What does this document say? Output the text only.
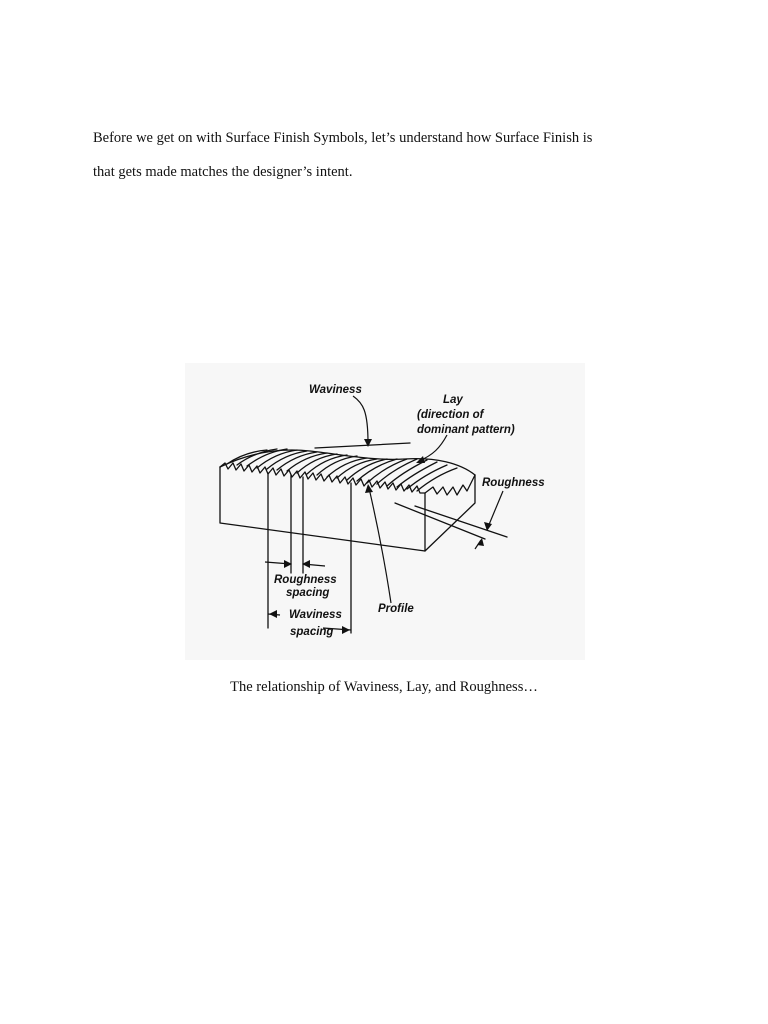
Before we get on with Surface Finish Symbols, let’s understand how Surface Finish is
that gets made matches the designer’s intent.
Waviness
Lay
(direction of
dominant pattern)
Roughness
Roughness
spacing
Profile
Waviness
spacing
The relationship of Waviness, Lay, and Roughness…
